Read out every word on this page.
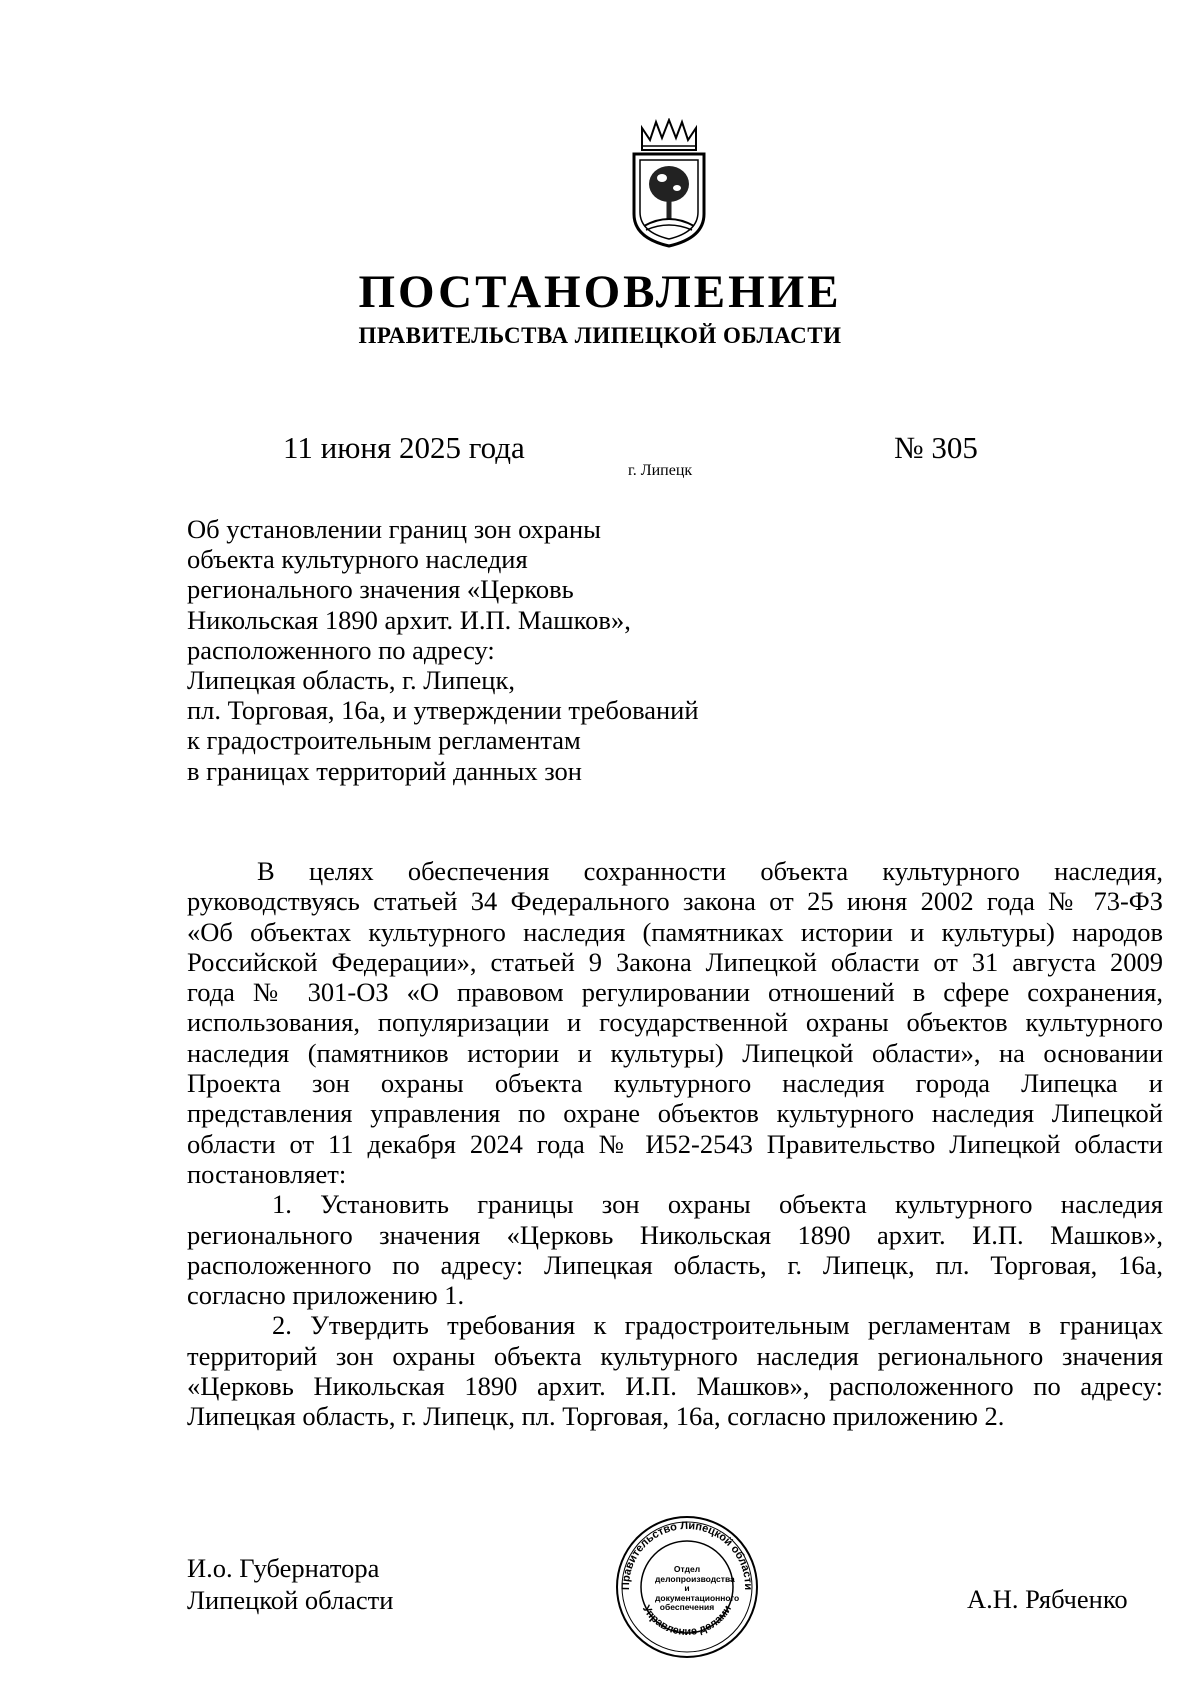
ПОСТАНОВЛЕНИЕ
ПРАВИТЕЛЬСТВА ЛИПЕЦКОЙ ОБЛАСТИ
11 июня 2025 года
г. Липецк
№ 305
Об установлении границ зон охраны
объекта культурного наследия
регионального значения «Церковь
Никольская 1890 архит. И.П. Машков»,
расположенного по адресу:
Липецкая область, г. Липецк,
пл. Торговая, 16а, и утверждении требований
к градостроительным регламентам
в границах территорий данных зон
В целях обеспечения сохранности объекта культурного наследия,
руководствуясь статьей 34 Федерального закона от 25 июня 2002 года № 73-ФЗ
«Об объектах культурного наследия (памятниках истории и культуры) народов
Российской Федерации», статьей 9 Закона Липецкой области от 31 августа 2009
года № 301-ОЗ «О правовом регулировании отношений в сфере сохранения,
использования, популяризации и государственной охраны объектов культурного
наследия (памятников истории и культуры) Липецкой области», на основании
Проекта зон охраны объекта культурного наследия города Липецка и
представления управления по охране объектов культурного наследия Липецкой
области от 11 декабря 2024 года № И52-2543 Правительство Липецкой области
постановляет:
1. Установить границы зон охраны объекта культурного наследия
регионального значения «Церковь Никольская 1890 архит. И.П. Машков»,
расположенного по адресу: Липецкая область, г. Липецк, пл. Торговая, 16а,
согласно приложению 1.
2. Утвердить требования к градостроительным регламентам в границах
территорий зон охраны объекта культурного наследия регионального значения
«Церковь Никольская 1890 архит. И.П. Машков», расположенного по адресу:
Липецкая область, г. Липецк, пл. Торговая, 16а, согласно приложению 2.
И.о. Губернатора
Липецкой области	А.Н. Рябченко
Правительство Липецкой области
Управление делами
Отдел
делопроизводства и
документационного
обеспечения
